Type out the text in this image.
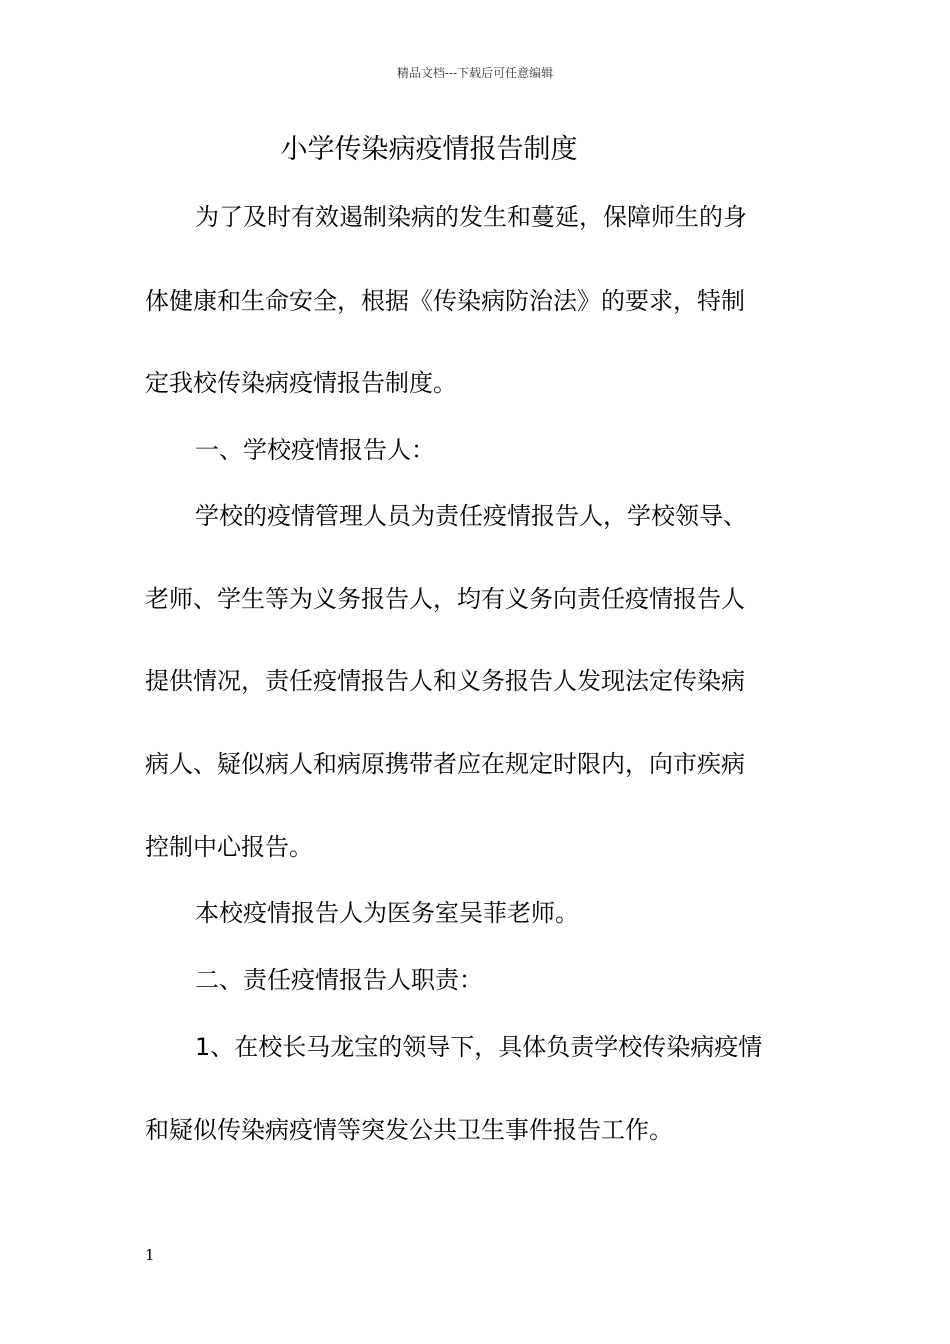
精品文档---下载后可任意编辑
小学传染病疫情报告制度
为了及时有效遏制染病的发生和蔓延，保障师生的身
体健康和生命安全，根据《传染病防治法》的要求，特制
定我校传染病疫情报告制度。
一、学校疫情报告人：
学校的疫情管理人员为责任疫情报告人，学校领导、
老师、学生等为义务报告人，均有义务向责任疫情报告人
提供情况，责任疫情报告人和义务报告人发现法定传染病
病人、疑似病人和病原携带者应在规定时限内，向市疾病
控制中心报告。
本校疫情报告人为医务室吴菲老师。
二、责任疫情报告人职责：
1、在校长马龙宝的领导下，具体负责学校传染病疫情
和疑似传染病疫情等突发公共卫生事件报告工作。
1
